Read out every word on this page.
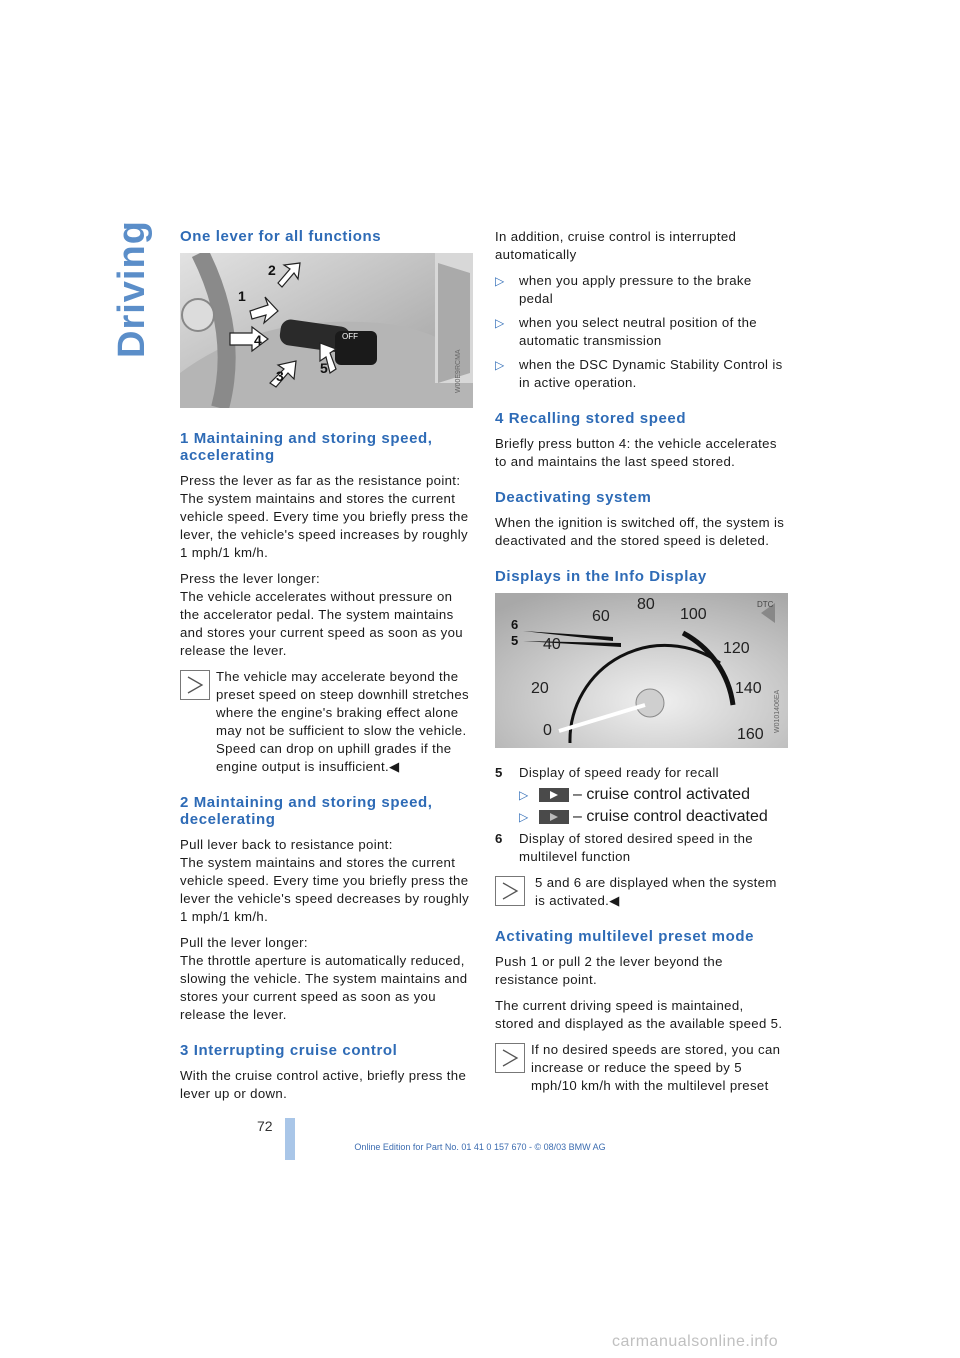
Driving One lever for all functions
1
2
4
3	5
OFF
W00E9RCMA
1 Maintaining and storing speed, accelerating

Press the lever as far as the resistance point:
The system maintains and stores the current vehicle speed. Every time you briefly press the lever, the vehicle's speed increases by roughly 1 mph/1 km/h.

Press the lever longer:
The vehicle accelerates without pressure on the accelerator pedal. The system maintains and stores your current speed as soon as you release the lever.

The vehicle may accelerate beyond the preset speed on steep downhill stretches where the engine's braking effect alone may not be sufficient to slow the vehicle. Speed can drop on uphill grades if the engine output is insufficient.◀

2 Maintaining and storing speed, decelerating

Pull lever back to resistance point:
The system maintains and stores the current vehicle speed. Every time you briefly press the lever the vehicle's speed decreases by roughly 1 mph/1 km/h.

Pull the lever longer:
The throttle aperture is automatically reduced, slowing the vehicle. The system maintains and stores your current speed as soon as you release the lever.

3 Interrupting cruise control

With the cruise control active, briefly press the lever up or down.

In addition, cruise control is interrupted automatically

▷	when you apply pressure to the brake pedal
▷	when you select neutral position of the automatic transmission
▷	when the DSC Dynamic Stability Control is in active operation.
4 Recalling stored speed

Briefly press button 4: the vehicle accelerates to and maintains the last speed stored.

Deactivating system

When the ignition is switched off, the system is deactivated and the stored speed is deleted.

Displays in the Info Display
6
5
0
20
40
60
80
100
120
140
160
DTC
W0101406EA
5	Display of speed ready for recall
▷	– cruise control activated
▷	– cruise control deactivated
6	Display of stored desired speed in the multilevel function

5 and 6 are displayed when the system is activated.◀

Activating multilevel preset mode

Push 1 or pull 2 the lever beyond the resistance point.

The current driving speed is maintained, stored and displayed as the available speed 5.

If no desired speeds are stored, you can increase or reduce the speed by 5 mph/10 km/h with the multilevel preset

72
Online Edition for Part No. 01 41 0 157 670 - © 08/03 BMW AG
carmanualsonline.info
